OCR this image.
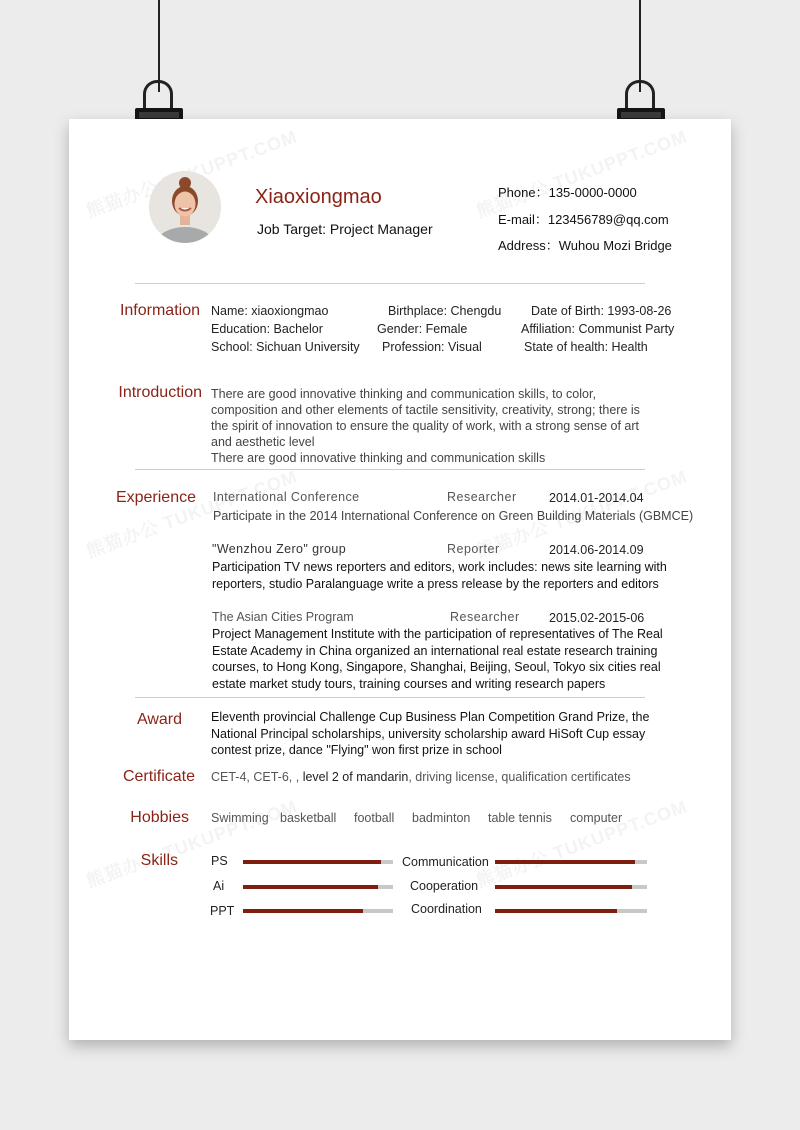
Xiaoxiongmao
Job Target: Project Manager
Phone：135-0000-0000
E-mail：123456789@qq.com
Address：Wuhou Mozi Bridge
Information Name: xiaoxiongmao	Birthplace: Chengdu Date of Birth: 1993-08-26
Education: Bachelor	Gender: Female	Affiliation: Communist Party
School: Sichuan University Profession: Visual	State of health: Health
Introduction There are good innovative thinking and communication skills, to color,
composition and other elements of tactile sensitivity, creativity, strong; there is
the spirit of innovation to ensure the quality of work, with a strong sense of art
and aesthetic level
There are good innovative thinking and communication skills
Experience International Conference	Researcher	2014.01-2014.04
Participate in the 2014 International Conference on Green Building Materials (GBMCE)
"Wenzhou Zero" group	Reporter	2014.06-2014.09
Participation TV news reporters and editors, work includes: news site learning with
reporters, studio Paralanguage write a press release by the reporters and editors
The Asian Cities Program	Researcher 2015.02-2015-06
Project Management Institute with the participation of representatives of The Real
Estate Academy in China organized an international real estate research training
courses, to Hong Kong, Singapore, Shanghai, Beijing, Seoul, Tokyo six cities real
estate market study tours, training courses and writing research papers
Award Eleventh provincial Challenge Cup Business Plan Competition Grand Prize, the
National Principal scholarships, university scholarship award HiSoft Cup essay
contest prize, dance "Flying" won first prize in school
Certificate CET-4, CET-6, , level 2 of mandarin, driving license, qualification certificates
Hobbies Swimming basketball football badminton table tennis computer
Skills	PS
Ai
PPT
Communication
Cooperation
Coordination
